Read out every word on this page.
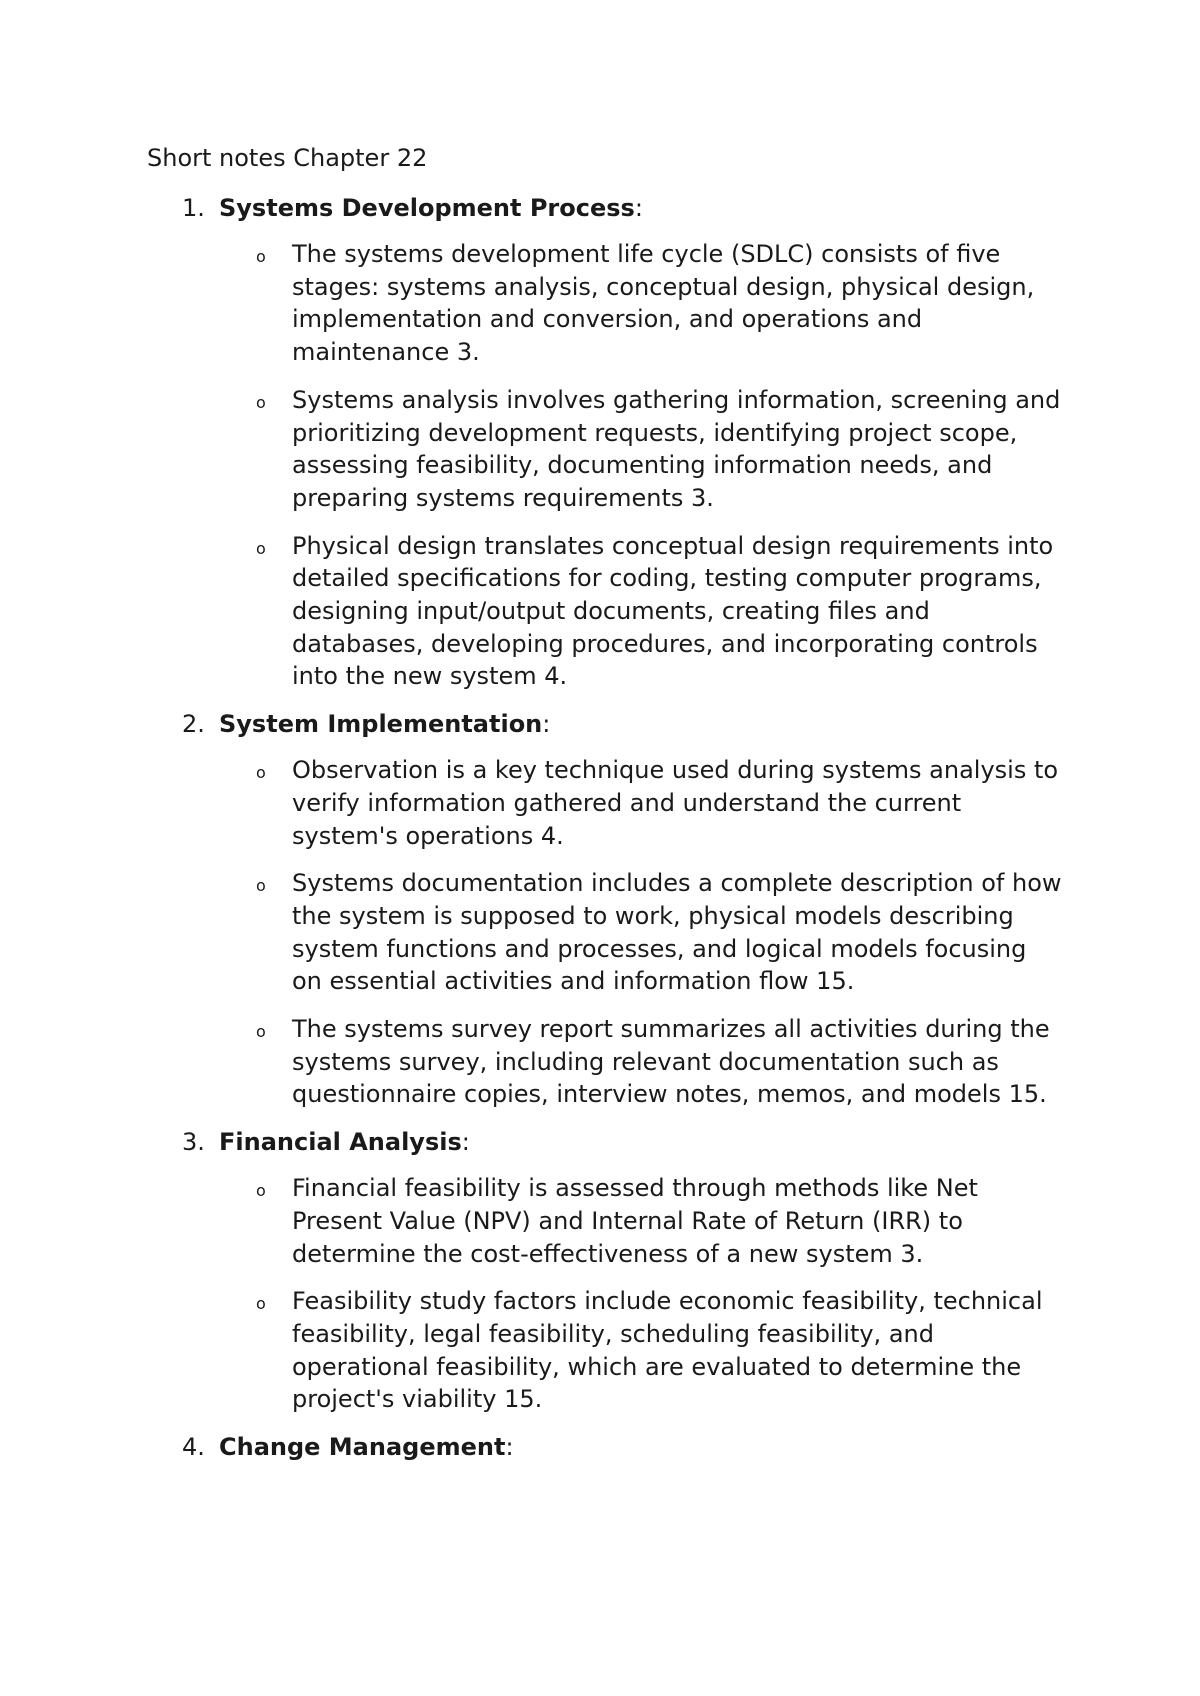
Short notes Chapter 22
1. Systems Development Process:
o The systems development life cycle (SDLC) consists of five stages: systems analysis, conceptual design, physical design, implementation and conversion, and operations and maintenance 3.
o Systems analysis involves gathering information, screening and prioritizing development requests, identifying project scope, assessing feasibility, documenting information needs, and preparing systems requirements 3.
o Physical design translates conceptual design requirements into detailed specifications for coding, testing computer programs, designing input/output documents, creating files and databases, developing procedures, and incorporating controls into the new system 4.
2. System Implementation:
o Observation is a key technique used during systems analysis to verify information gathered and understand the current system's operations 4.
o Systems documentation includes a complete description of how the system is supposed to work, physical models describing system functions and processes, and logical models focusing on essential activities and information flow 15.
o The systems survey report summarizes all activities during the systems survey, including relevant documentation such as questionnaire copies, interview notes, memos, and models 15.
3. Financial Analysis:
o Financial feasibility is assessed through methods like Net Present Value (NPV) and Internal Rate of Return (IRR) to determine the cost-effectiveness of a new system 3.
o Feasibility study factors include economic feasibility, technical feasibility, legal feasibility, scheduling feasibility, and operational feasibility, which are evaluated to determine the project's viability 15.
4. Change Management:
